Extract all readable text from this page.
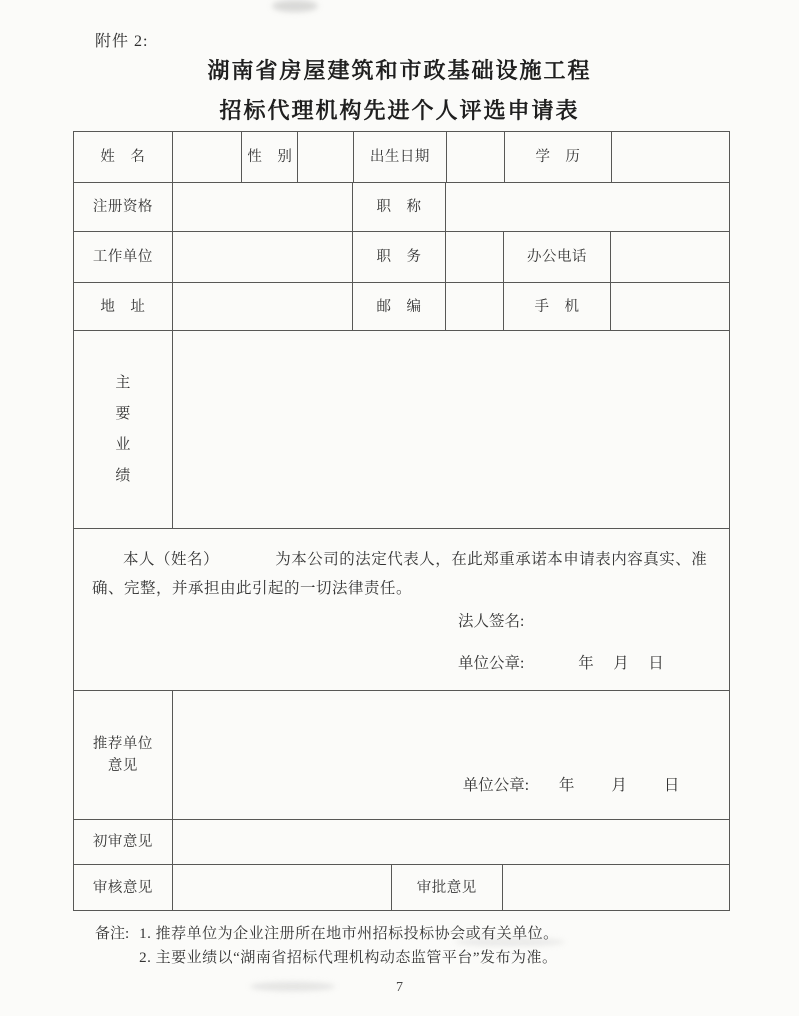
附件 2:
湖南省房屋建筑和市政基础设施工程
招标代理机构先进个人评选申请表
姓　名	性　别	出生日期	学　历
注册资格	职　称
工作单位	职　务	办公电话
地　址	邮　编	手　机
主要业绩

本人（姓名）　　　　为本公司的法定代表人，在此郑重承诺本申请表内容真实、准确、完整，并承担由此引起的一切法律责任。

法人签名:
单位公章:	年　月　日
推荐单位意见
单位公章: 年　　月　　日
初审意见
审核意见	审批意见
备注: 1. 推荐单位为企业注册所在地市州招标投标协会或有关单位。
2. 主要业绩以“湖南省招标代理机构动态监管平台”发布为准。
7
